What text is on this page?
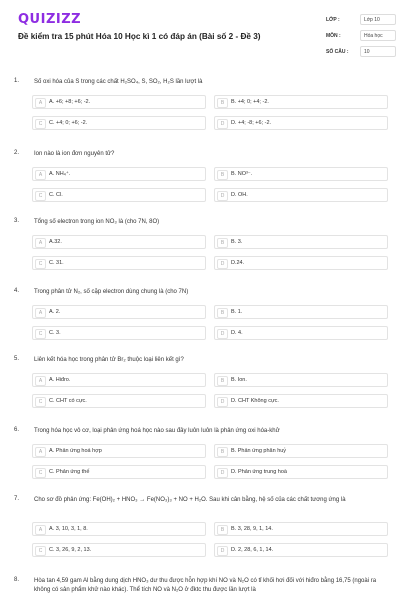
QUIZIZZ
Đề kiểm tra 15 phút Hóa 10 Học kì 1 có đáp án (Bài số 2 - Đề 3)
LỚP :	Lớp 10
MÔN :	Hóa học
SỐ CÂU :	10
1. Số oxi hóa của S trong các chất H₂SO₄, S, SO₂, H₂S lần lượt là
A	A. +6; +8; +6; -2.	B	B. +4; 0; +4; -2.
C	C. +4; 0; +6; -2.	D	D. +4; -8; +6; -2.
2. Ion nào là ion đơn nguyên tử?
A	A. NH₄⁺.	B	B. NO³⁻.
C	C. Cl.	D	D. OH.
3. Tổng số electron trong ion NO₃ là (cho 7N, 8O)
A	A.32.	B	B. 3.
C	C. 31.	D	D.24.
4. Trong phân tử N₂, số cặp electron dùng chung là (cho 7N)
A	A. 2.	B	B. 1.
C	C. 3.	D	D. 4.
5. Liên kết hóa học trong phân tử Br₂ thuộc loại liên kết gì?
A	A. Hiđro.	B	B. Ion.
C	C. CHT có cực.	D	D. CHT Không cực.
6. Trong hóa học vô cơ, loại phản ứng hoá học nào sau đây luôn luôn là phản ứng oxi hóa-khử
A	A. Phản ứng hoá hợp	B	B. Phản ứng phân huỷ
C	C. Phản ứng thế	D	D. Phản ứng trung hoà
7. Cho sơ đồ phản ứng: Fe(OH)₂ + HNO₃ → Fe(NO₃)₃ + NO + H₂O. Sau khi cân bằng, hệ số của các chất tương ứng là
A	A. 3, 10, 3, 1, 8.	B	B. 3, 28, 9, 1, 14.
C	C. 3, 26, 9, 2, 13.	D	D. 2, 28, 6, 1, 14.
8. Hòa tan 4,59 gam Al bằng dung dịch HNO₃ dư thu được hỗn hợp khí NO và N₂O có tỉ khối hơi đối với hiđro bằng 16,75 (ngoài ra không có sản phẩm khử nào khác). Thể tích NO và N₂O ở đktc thu được lần lượt là
